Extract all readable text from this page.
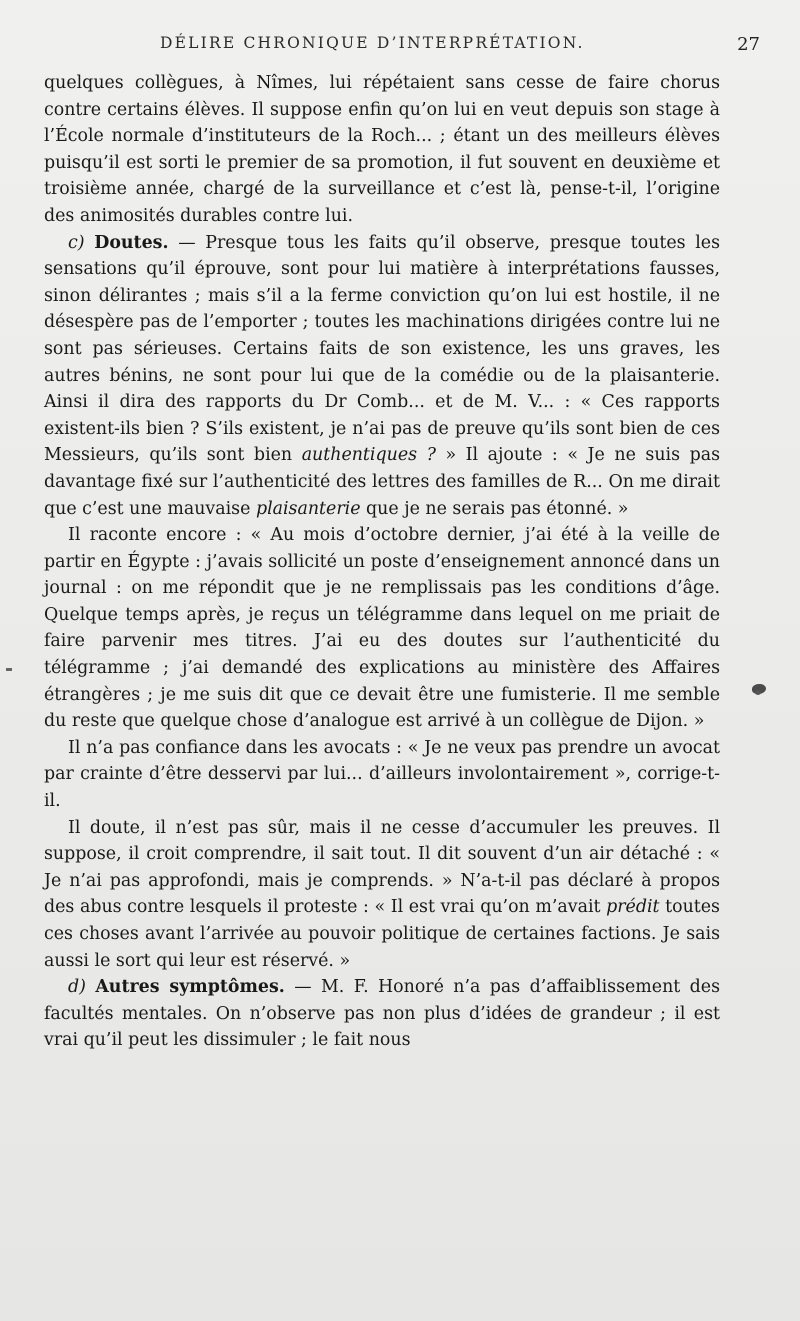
DÉLIRE CHRONIQUE D’INTERPRÉTATION.	27

quelques collègues, à Nîmes, lui répétaient sans cesse de faire chorus contre certains élèves. Il suppose enfin qu’on lui en veut depuis son stage à l’École normale d’instituteurs de la Roch... ; étant un des meilleurs élèves puisqu’il est sorti le premier de sa promotion, il fut souvent en deuxième et troisième année, chargé de la surveillance et c’est là, pense-t-il, l’origine des animosités durables contre lui.

c) Doutes. — Presque tous les faits qu’il observe, presque toutes les sensations qu’il éprouve, sont pour lui matière à interprétations fausses, sinon délirantes ; mais s’il a la ferme conviction qu’on lui est hostile, il ne désespère pas de l’emporter ; toutes les machinations dirigées contre lui ne sont pas sérieuses. Certains faits de son existence, les uns graves, les autres bénins, ne sont pour lui que de la comédie ou de la plaisanterie. Ainsi il dira des rapports du Dr Comb... et de M. V... : « Ces rapports existent-ils bien ? S’ils existent, je n’ai pas de preuve qu’ils sont bien de ces Messieurs, qu’ils sont bien authentiques ? » Il ajoute : « Je ne suis pas davantage fixé sur l’authenticité des lettres des familles de R... On me dirait que c’est une mauvaise plaisanterie que je ne serais pas étonné. »

Il raconte encore : « Au mois d’octobre dernier, j’ai été à la veille de partir en Égypte : j’avais sollicité un poste d’enseignement annoncé dans un journal : on me répondit que je ne remplissais pas les conditions d’âge. Quelque temps après, je reçus un télégramme dans lequel on me priait de faire parvenir mes titres. J’ai eu des doutes sur l’authenticité du télégramme ; j’ai demandé des explications au ministère des Affaires étrangères ; je me suis dit que ce devait être une fumisterie. Il me semble du reste que quelque chose d’analogue est arrivé à un collègue de Dijon. »

Il n’a pas confiance dans les avocats : « Je ne veux pas prendre un avocat par crainte d’être desservi par lui... d’ailleurs involontairement », corrige-t-il.

Il doute, il n’est pas sûr, mais il ne cesse d’accumuler les preuves. Il suppose, il croit comprendre, il sait tout. Il dit souvent d’un air détaché : « Je n’ai pas approfondi, mais je comprends. » N’a-t-il pas déclaré à propos des abus contre lesquels il proteste : « Il est vrai qu’on m’avait prédit toutes ces choses avant l’arrivée au pouvoir politique de certaines factions. Je sais aussi le sort qui leur est réservé. »

d) Autres symptômes. — M. F. Honoré n’a pas d’affaiblissement des facultés mentales. On n’observe pas non plus d’idées de grandeur ; il est vrai qu’il peut les dissimuler ; le fait nous
